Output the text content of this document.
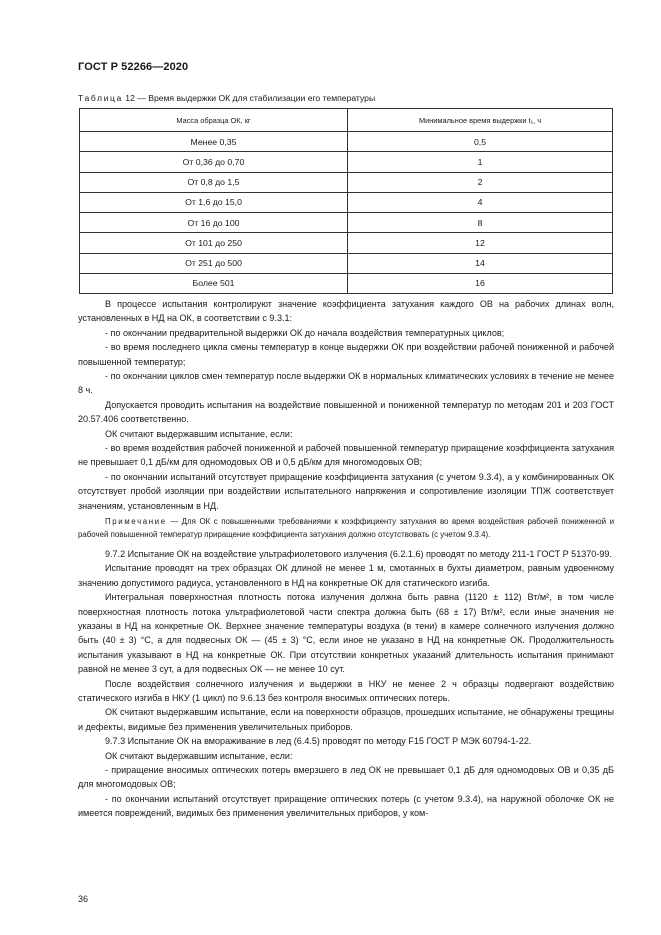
ГОСТ Р 52266—2020
Таблица 12 — Время выдержки ОК для стабилизации его температуры
Масса образца ОК, кг	Минимальное время выдержки t₁, ч
Менее 0,35	0,5
От 0,36 до 0,70	1
От 0,8 до 1,5	2
От 1,6 до 15,0	4
От 16 до 100	8
От 101 до 250	12
От 251 до 500	14
Более 501	16

В процессе испытания контролируют значение коэффициента затухания каждого ОВ на рабочих длинах волн, установленных в НД на ОК, в соответствии с 9.3.1:

- по окончании предварительной выдержки ОК до начала воздействия температурных циклов;

- во время последнего цикла смены температур в конце выдержки ОК при воздействии рабочей пониженной и рабочей повышенной температур;

- по окончании циклов смен температур после выдержки ОК в нормальных климатических условиях в течение не менее 8 ч.

Допускается проводить испытания на воздействие повышенной и пониженной температур по методам 201 и 203 ГОСТ 20.57.406 соответственно.

ОК считают выдержавшим испытание, если:

- во время воздействия рабочей пониженной и рабочей повышенной температур приращение коэффициента затухания не превышает 0,1 дБ/км для одномодовых ОВ и 0,5 дБ/км для многомодовых ОВ;

- по окончании испытаний отсутствует приращение коэффициента затухания (с учетом 9.3.4), а у комбинированных ОК отсутствует пробой изоляции при воздействии испытательного напряжения и сопротивление изоляции ТПЖ соответствует значениям, установленным в НД.

Примечание — Для ОК с повышенными требованиями к коэффициенту затухания во время воздействия рабочей пониженной и рабочей повышенной температур приращение коэффициента затухания должно отсутствовать (с учетом 9.3.4).

9.7.2 Испытание ОК на воздействие ультрафиолетового излучения (6.2.1.6) проводят по методу 211-1 ГОСТ Р 51370-99.

Испытание проводят на трех образцах ОК длиной не менее 1 м, смотанных в бухты диаметром, равным удвоенному значению допустимого радиуса, установленного в НД на конкретные ОК для статического изгиба.

Интегральная поверхностная плотность потока излучения должна быть равна (1120 ± 112) Вт/м², в том числе поверхностная плотность потока ультрафиолетовой части спектра должна быть (68 ± 17) Вт/м², если иные значения не указаны в НД на конкретные ОК. Верхнее значение температуры воздуха (в тени) в камере солнечного излучения должно быть (40 ± 3) °С, а для подвесных ОК — (45 ± 3) °С, если иное не указано в НД на конкретные ОК. Продолжительность испытания указывают в НД на конкретные ОК. При отсутствии конкретных указаний длительность испытания принимают равной не менее 3 сут, а для подвесных ОК — не менее 10 сут.

После воздействия солнечного излучения и выдержки в НКУ не менее 2 ч образцы подвергают воздействию статического изгиба в НКУ (1 цикл) по 9.6.13 без контроля вносимых оптических потерь.

ОК считают выдержавшим испытание, если на поверхности образцов, прошедших испытание, не обнаружены трещины и дефекты, видимые без применения увеличительных приборов.

9.7.3 Испытание ОК на вмораживание в лед (6.4.5) проводят по методу F15 ГОСТ Р МЭК 60794-1-22.

ОК считают выдержавшим испытание, если:

- приращение вносимых оптических потерь вмерзшего в лед ОК не превышает 0,1 дБ для одномодовых ОВ и 0,35 дБ для многомодовых ОВ;

- по окончании испытаний отсутствует приращение оптических потерь (с учетом 9.3.4), на наружной оболочке ОК не имеется повреждений, видимых без применения увеличительных приборов, у ком-

36
